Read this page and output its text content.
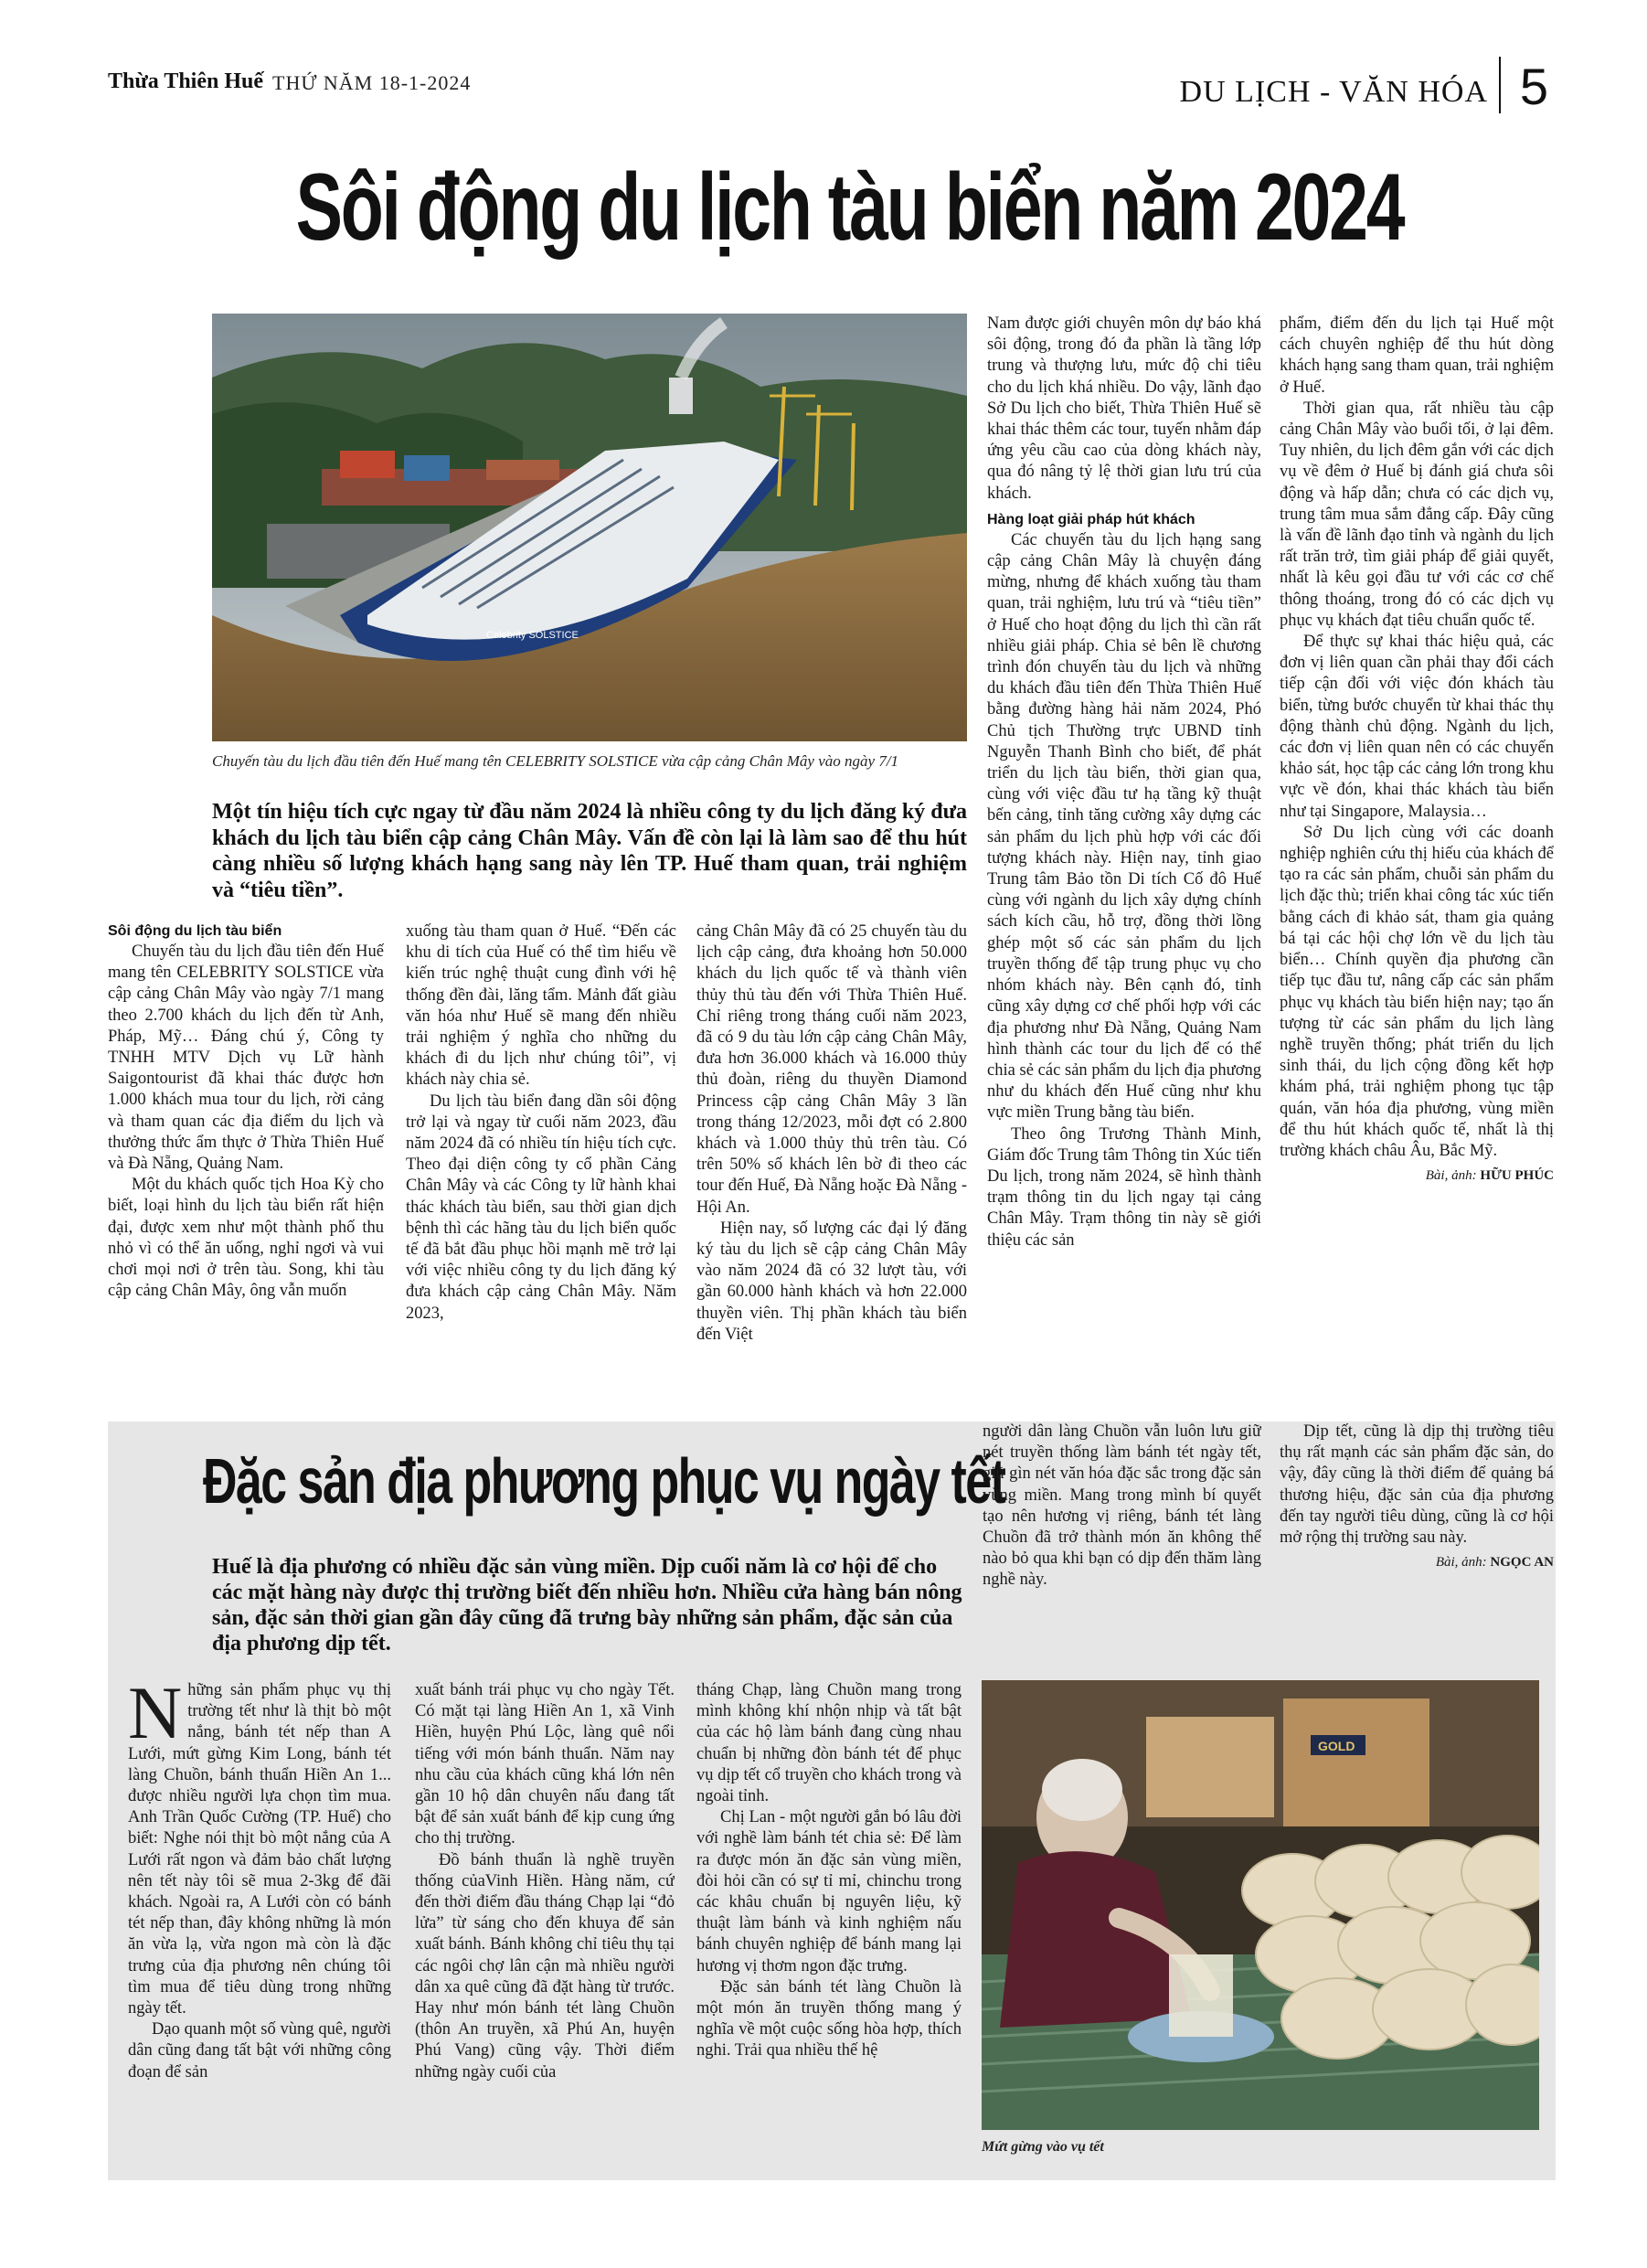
Thừa Thiên Huế THỨ NĂM 18-1-2024	DU LỊCH - VĂN HÓA 5
Sôi động du lịch tàu biển năm 2024
Celebrity SOLSTICE

Chuyến tàu du lịch đầu tiên đến Huế mang tên CELEBRITY SOLSTICE vừa cập cảng Chân Mây vào ngày 7/1

Một tín hiệu tích cực ngay từ đầu năm 2024 là nhiều công ty du lịch đăng ký đưa khách du lịch tàu biển cập cảng Chân Mây. Vấn đề còn lại là làm sao để thu hút càng nhiều số lượng khách hạng sang này lên TP. Huế tham quan, trải nghiệm và “tiêu tiền”.

Sôi động du lịch tàu biển

Chuyến tàu du lịch đầu tiên đến Huế mang tên CELEBRITY SOLSTICE vừa cập cảng Chân Mây vào ngày 7/1 mang theo 2.700 khách du lịch đến từ Anh, Pháp, Mỹ… Đáng chú ý, Công ty TNHH MTV Dịch vụ Lữ hành Saigontourist đã khai thác được hơn 1.000 khách mua tour du lịch, rời cảng và tham quan các địa điểm du lịch và thưởng thức ẩm thực ở Thừa Thiên Huế và Đà Nẵng, Quảng Nam.

Một du khách quốc tịch Hoa Kỳ cho biết, loại hình du lịch tàu biển rất hiện đại, được xem như một thành phố thu nhỏ vì có thể ăn uống, nghỉ ngơi và vui chơi mọi nơi ở trên tàu. Song, khi tàu cập cảng Chân Mây, ông vẫn muốn

xuống tàu tham quan ở Huế. “Đến các khu di tích của Huế có thể tìm hiểu về kiến trúc nghệ thuật cung đình với hệ thống đền đài, lăng tẩm. Mảnh đất giàu văn hóa như Huế sẽ mang đến nhiều trải nghiệm ý nghĩa cho những du khách đi du lịch như chúng tôi”, vị khách này chia sẻ.

Du lịch tàu biển đang dần sôi động trở lại và ngay từ cuối năm 2023, đầu năm 2024 đã có nhiều tín hiệu tích cực. Theo đại diện công ty cổ phần Cảng Chân Mây và các Công ty lữ hành khai thác khách tàu biển, sau thời gian dịch bệnh thì các hãng tàu du lịch biển quốc tế đã bắt đầu phục hồi mạnh mẽ trở lại với việc nhiều công ty du lịch đăng ký đưa khách cập cảng Chân Mây. Năm 2023,

cảng Chân Mây đã có 25 chuyến tàu du lịch cập cảng, đưa khoảng hơn 50.000 khách du lịch quốc tế và thành viên thủy thủ tàu đến với Thừa Thiên Huế. Chỉ riêng trong tháng cuối năm 2023, đã có 9 du tàu lớn cập cảng Chân Mây, đưa hơn 36.000 khách và 16.000 thủy thủ đoàn, riêng du thuyền Diamond Princess cập cảng Chân Mây 3 lần trong tháng 12/2023, mỗi đợt có 2.800 khách và 1.000 thủy thủ trên tàu. Có trên 50% số khách lên bờ đi theo các tour đến Huế, Đà Nẵng hoặc Đà Nẵng - Hội An.

Hiện nay, số lượng các đại lý đăng ký tàu du lịch sẽ cập cảng Chân Mây vào năm 2024 đã có 32 lượt tàu, với gần 60.000 hành khách và hơn 22.000 thuyền viên. Thị phần khách tàu biển đến Việt

Nam được giới chuyên môn dự báo khá sôi động, trong đó đa phần là tầng lớp trung và thượng lưu, mức độ chi tiêu cho du lịch khá nhiều. Do vậy, lãnh đạo Sở Du lịch cho biết, Thừa Thiên Huế sẽ khai thác thêm các tour, tuyến nhằm đáp ứng yêu cầu cao của dòng khách này, qua đó nâng tỷ lệ thời gian lưu trú của khách.

Hàng loạt giải pháp hút khách

Các chuyến tàu du lịch hạng sang cập cảng Chân Mây là chuyện đáng mừng, nhưng để khách xuống tàu tham quan, trải nghiệm, lưu trú và “tiêu tiền” ở Huế cho hoạt động du lịch thì cần rất nhiều giải pháp. Chia sẻ bên lề chương trình đón chuyến tàu du lịch và những du khách đầu tiên đến Thừa Thiên Huế bằng đường hàng hải năm 2024, Phó Chủ tịch Thường trực UBND tỉnh Nguyễn Thanh Bình cho biết, để phát triển du lịch tàu biển, thời gian qua, cùng với việc đầu tư hạ tầng kỹ thuật bến cảng, tỉnh tăng cường xây dựng các sản phẩm du lịch phù hợp với các đối tượng khách này. Hiện nay, tỉnh giao Trung tâm Bảo tồn Di tích Cố đô Huế cùng với ngành du lịch xây dựng chính sách kích cầu, hỗ trợ, đồng thời lồng ghép một số các sản phẩm du lịch truyền thống để tập trung phục vụ cho nhóm khách này. Bên cạnh đó, tỉnh cũng xây dựng cơ chế phối hợp với các địa phương như Đà Nẵng, Quảng Nam hình thành các tour du lịch để có thể chia sẻ các sản phẩm du lịch địa phương như du khách đến Huế cũng như khu vực miền Trung bằng tàu biển.

Theo ông Trương Thành Minh, Giám đốc Trung tâm Thông tin Xúc tiến Du lịch, trong năm 2024, sẽ hình thành trạm thông tin du lịch ngay tại cảng Chân Mây. Trạm thông tin này sẽ giới thiệu các sản

phẩm, điểm đến du lịch tại Huế một cách chuyên nghiệp để thu hút dòng khách hạng sang tham quan, trải nghiệm ở Huế.

Thời gian qua, rất nhiều tàu cập cảng Chân Mây vào buổi tối, ở lại đêm. Tuy nhiên, du lịch đêm gắn với các dịch vụ về đêm ở Huế bị đánh giá chưa sôi động và hấp dẫn; chưa có các dịch vụ, trung tâm mua sắm đẳng cấp. Đây cũng là vấn đề lãnh đạo tỉnh và ngành du lịch rất trăn trở, tìm giải pháp để giải quyết, nhất là kêu gọi đầu tư với các cơ chế thông thoáng, trong đó có các dịch vụ phục vụ khách đạt tiêu chuẩn quốc tế.

Để thực sự khai thác hiệu quả, các đơn vị liên quan cần phải thay đổi cách tiếp cận đối với việc đón khách tàu biển, từng bước chuyển từ khai thác thụ động thành chủ động. Ngành du lịch, các đơn vị liên quan nên có các chuyến khảo sát, học tập các cảng lớn trong khu vực về đón, khai thác khách tàu biển như tại Singapore, Malaysia…

Sở Du lịch cùng với các doanh nghiệp nghiên cứu thị hiếu của khách để tạo ra các sản phẩm, chuỗi sản phẩm du lịch đặc thù; triển khai công tác xúc tiến bằng cách đi khảo sát, tham gia quảng bá tại các hội chợ lớn về du lịch tàu biển… Chính quyền địa phương cần tiếp tục đầu tư, nâng cấp các sản phẩm phục vụ khách tàu biển hiện nay; tạo ấn tượng từ các sản phẩm du lịch làng nghề truyền thống; phát triển du lịch sinh thái, du lịch cộng đồng kết hợp khám phá, trải nghiệm phong tục tập quán, văn hóa địa phương, vùng miền để thu hút khách quốc tế, nhất là thị trường khách châu Âu, Bắc Mỹ.

Bài, ảnh: HỮU PHÚC

Đặc sản địa phương phục vụ ngày tết

Huế là địa phương có nhiều đặc sản vùng miền. Dịp cuối năm là cơ hội để cho các mặt hàng này được thị trường biết đến nhiều hơn. Nhiều cửa hàng bán nông sản, đặc sản thời gian gần đây cũng đã trưng bày những sản phẩm, đặc sản của địa phương dịp tết.

Những sản phẩm phục vụ thị trường tết như là thịt bò một nắng, bánh tét nếp than A Lưới, mứt gừng Kim Long, bánh tét làng Chuồn, bánh thuẩn Hiền An 1... được nhiều người lựa chọn tìm mua. Anh Trần Quốc Cường (TP. Huế) cho biết: Nghe nói thịt bò một nắng của A Lưới rất ngon và đảm bảo chất lượng nên tết này tôi sẽ mua 2-3kg để đãi khách. Ngoài ra, A Lưới còn có bánh tét nếp than, đây không những là món ăn vừa lạ, vừa ngon mà còn là đặc trưng của địa phương nên chúng tôi tìm mua để tiêu dùng trong những ngày tết.

Dạo quanh một số vùng quê, người dân cũng đang tất bật với những công đoạn để sản

xuất bánh trái phục vụ cho ngày Tết. Có mặt tại làng Hiền An 1, xã Vinh Hiền, huyện Phú Lộc, làng quê nổi tiếng với món bánh thuẩn. Năm nay nhu cầu của khách cũng khá lớn nên gần 10 hộ dân chuyên nấu đang tất bật để sản xuất bánh để kịp cung ứng cho thị trường.

Đồ bánh thuẩn là nghề truyền thống củaVinh Hiền. Hàng năm, cứ đến thời điểm đầu tháng Chạp lại “đỏ lửa” từ sáng cho đến khuya để sản xuất bánh. Bánh không chỉ tiêu thụ tại các ngôi chợ lân cận mà nhiều người dân xa quê cũng đã đặt hàng từ trước. Hay như món bánh tét làng Chuồn (thôn An truyền, xã Phú An, huyện Phú Vang) cũng vậy. Thời điểm những ngày cuối của

tháng Chạp, làng Chuồn mang trong mình không khí nhộn nhịp và tất bật của các hộ làm bánh đang cùng nhau chuẩn bị những đòn bánh tét để phục vụ dịp tết cổ truyền cho khách trong và ngoài tỉnh.

Chị Lan - một người gắn bó lâu đời với nghề làm bánh tét chia sẻ: Để làm ra được món ăn đặc sản vùng miền, đòi hỏi cần có sự tỉ mỉ, chinchu trong các khâu chuẩn bị nguyên liệu, kỹ thuật làm bánh và kinh nghiệm nấu bánh chuyên nghiệp để bánh mang lại hương vị thơm ngon đặc trưng.

Đặc sản bánh tét làng Chuồn là một món ăn truyền thống mang ý nghĩa về một cuộc sống hòa hợp, thích nghi. Trải qua nhiều thế hệ

người dân làng Chuồn vẫn luôn lưu giữ nét truyền thống làm bánh tét ngày tết, giữ gìn nét văn hóa đặc sắc trong đặc sản vùng miền. Mang trong mình bí quyết tạo nên hương vị riêng, bánh tét làng Chuồn đã trở thành món ăn không thể nào bỏ qua khi bạn có dịp đến thăm làng nghề này.

Dịp tết, cũng là dịp thị trường tiêu thụ rất mạnh các sản phẩm đặc sản, do vậy, đây cũng là thời điểm để quảng bá thương hiệu, đặc sản của địa phương đến tay người tiêu dùng, cũng là cơ hội mở rộng thị trường sau này.

Bài, ảnh: NGỌC AN

GOLD

Mứt gừng vào vụ tết
